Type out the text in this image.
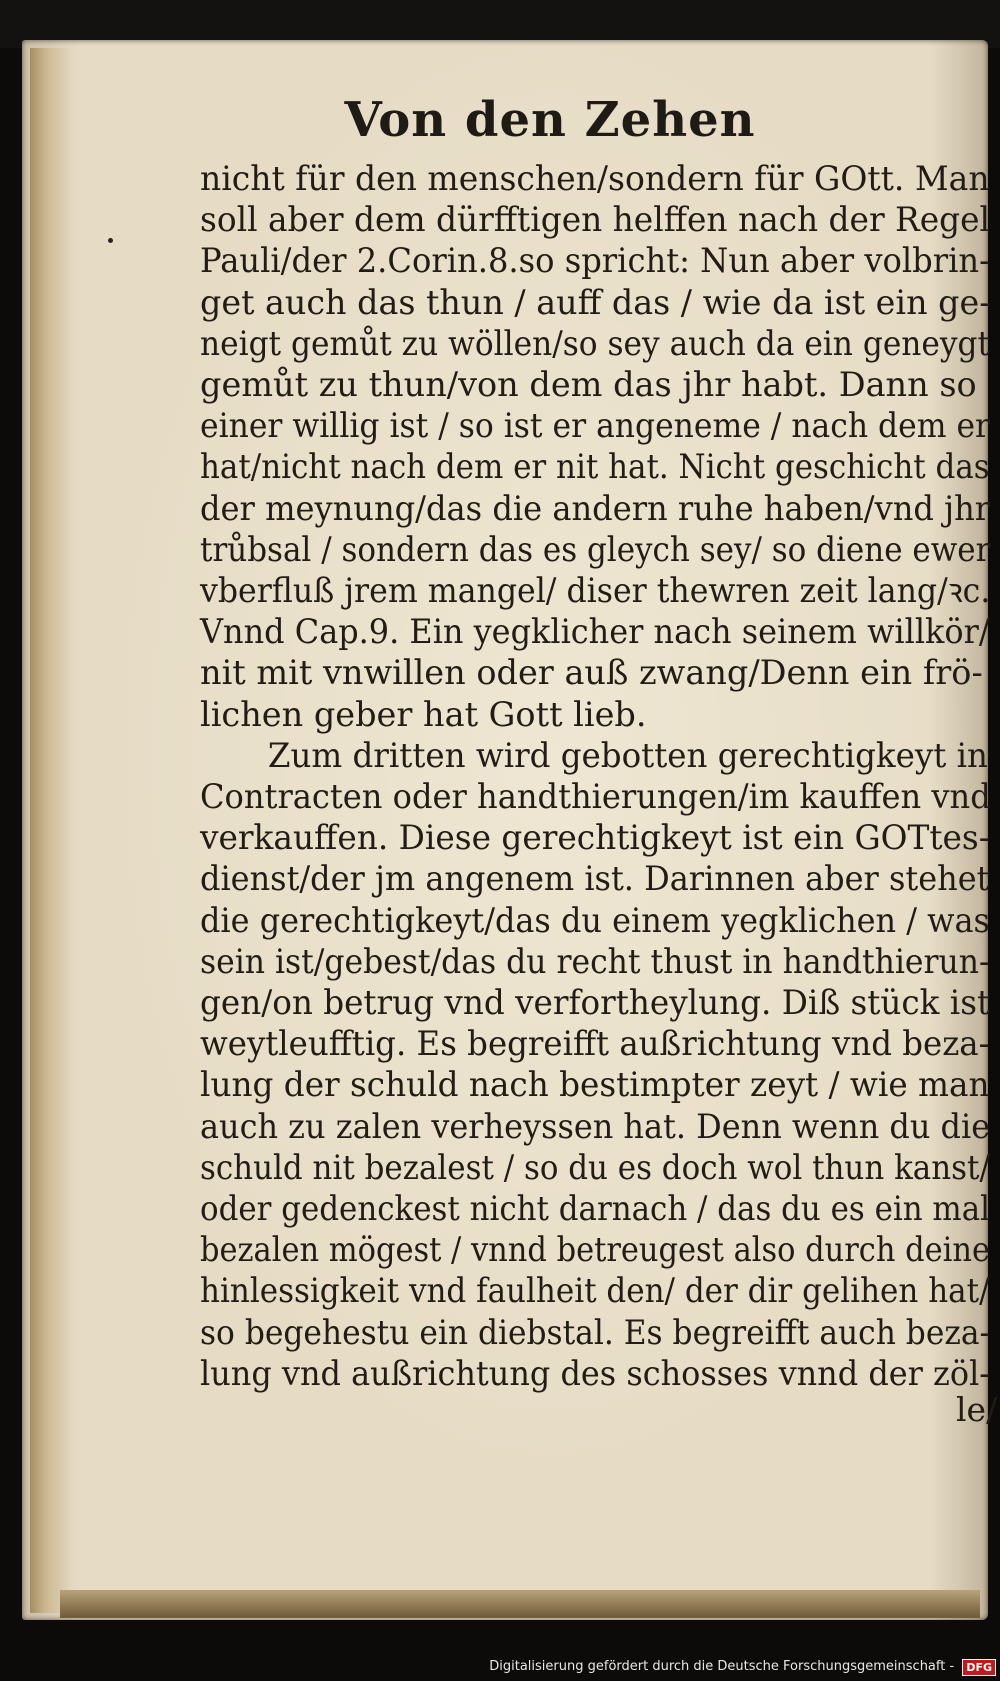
Von den Zehen
nicht für den menschen/sondern für GOtt. Man
soll aber dem dürfftigen helffen nach der Regel
Pauli/der 2.Corin.8.so spricht: Nun aber volbrin-
get auch das thun / auff das / wie da ist ein ge-
neigt gemůt zu wöllen/so sey auch da ein geneygt
gemůt zu thun/von dem das jhr habt. Dann so
einer willig ist / so ist er angeneme / nach dem er
hat/nicht nach dem er nit hat. Nicht geschicht das
der meynung/das die andern ruhe haben/vnd jhr
trůbsal / sondern das es gleych sey/ so diene ewer
vberfluß jrem mangel/ diser thewren zeit lang/ꝛc.
Vnnd Cap.9. Ein yegklicher nach seinem willkör/
nit mit vnwillen oder auß zwang/Denn ein frö-
lichen geber hat Gott lieb.
Zum dritten wird gebotten gerechtigkeyt in
Contracten oder handthierungen/im kauffen vnd
verkauffen. Diese gerechtigkeyt ist ein GOTtes-
dienst/der jm angenem ist. Darinnen aber stehet
die gerechtigkeyt/das du einem yegklichen / was
sein ist/gebest/das du recht thust in handthierun-
gen/on betrug vnd verfortheylung. Diß stück ist
weytleufftig. Es begreifft außrichtung vnd beza-
lung der schuld nach bestimpter zeyt / wie man
auch zu zalen verheyssen hat. Denn wenn du die
schuld nit bezalest / so du es doch wol thun kanst/
oder gedenckest nicht darnach / das du es ein mal
bezalen mögest / vnnd betreugest also durch deine
hinlessigkeit vnd faulheit den/ der dir gelihen hat/
so begehestu ein diebstal. Es begreifft auch beza-
lung vnd außrichtung des schosses vnnd der zöl-
le/
Digitalisierung gefördert durch die Deutsche Forschungsgemeinschaft - DFG
